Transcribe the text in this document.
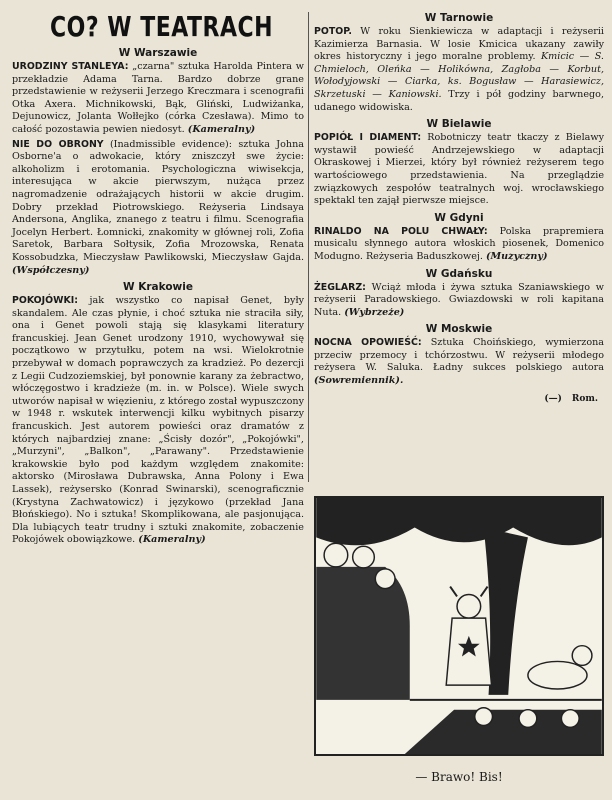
CO? W TEATRACH
W Warszawie

URODZINY STANLEYA: „czarna" sztuka Harolda Pintera w przekładzie Adama Tarna. Bardzo dobrze grane przedstawienie w reżyserii Jerzego Kreczmara i scenografii Otka Axera. Michnikowski, Bąk, Gliński, Ludwiżanka, Dejunowicz, Jolanta Wołłejko (córka Czesława). Mimo to całość pozostawia pewien niedosyt. (Kameralny)

NIE DO OBRONY (Inadmissible evidence): sztuka Johna Osborne'a o adwokacie, który zniszczył swe życie: alkoholizm i erotomania. Psychologiczna wiwisekcja, interesująca w akcie pierwszym, nużąca przez nagromadzenie odrażających historii w akcie drugim. Dobry przekład Piotrowskiego. Reżyseria Lindsaya Andersona, Anglika, znanego z teatru i filmu. Scenografia Jocelyn Herbert. Łomnicki, znakomity w głównej roli, Zofia Saretok, Barbara Sołtysik, Zofia Mrozowska, Renata Kossobudzka, Mieczysław Pawlikowski, Mieczysław Gajda. (Współczesny)

W Krakowie

POKOJÓWKI: jak wszystko co napisał Genet, były skandalem. Ale czas płynie, i choć sztuka nie straciła siły, ona i Genet powoli stają się klasykami literatury francuskiej. Jean Genet urodzony 1910, wychowywał się początkowo w przytułku, potem na wsi. Wielokrotnie przebywał w domach poprawczych za kradzież. Po dezercji z Legii Cudzoziemskiej, był ponownie karany za żebractwo, włóczęgostwo i kradzieże (m. in. w Polsce). Wiele swych utworów napisał w więzieniu, z którego został wypuszczony w 1948 r. wskutek interwencji kilku wybitnych pisarzy francuskich. Jest autorem powieści oraz dramatów z których najbardziej znane: „Ścisły dozór", „Pokojówki", „Murzyni", „Balkon", „Parawany". Przedstawienie krakowskie było pod każdym względem znakomite: aktorsko (Mirosława Dubrawska, Anna Polony i Ewa Lassek), reżysersko (Konrad Swinarski), scenograficznie (Krystyna Zachwatowicz) i językowo (przekład Jana Błońskiego). No i sztuka! Skomplikowana, ale pasjonująca. Dla lubiących teatr trudny i sztuki znakomite, zobaczenie Pokojówek obowiązkowe. (Kameralny)

W Tarnowie

POTOP. W roku Sienkiewicza w adaptacji i reżyserii Kazimierza Barnasia. W losie Kmicica ukazany zawiły okres historyczny i jego moralne problemy. Kmicic — S. Chmieloch, Oleńka — Holikówna, Zagłoba — Korbut, Wołodyjowski — Ciarka, ks. Bogusław — Harasiewicz, Skrzetuski — Kaniowski. Trzy i pół godziny barwnego, udanego widowiska.

W Bielawie

POPIÓŁ I DIAMENT: Robotniczy teatr tkaczy z Bielawy wystawił powieść Andrzejewskiego w adaptacji Okraskowej i Mierzei, który był również reżyserem tego wartościowego przedstawienia. Na przeglądzie związkowych zespołów teatralnych woj. wrocławskiego spektakl ten zajął pierwsze miejsce.

W Gdyni

RINALDO NA POLU CHWAŁY: Polska prapremiera musicalu słynnego autora włoskich piosenek, Domenico Modugno. Reżyseria Baduszkowej. (Muzyczny)

W Gdańsku

ŻEGLARZ: Wciąż młoda i żywa sztuka Szaniawskiego w reżyserii Paradowskiego. Gwiazdowski w roli kapitana Nuta. (Wybrzeże)

W Moskwie

NOCNA OPOWIEŚĆ: Sztuka Choińskiego, wymierzona przeciw przemocy i tchórzostwu. W reżyserii młodego reżysera W. Saluka. Ładny sukces polskiego autora (Sowremiennik).

(—) Rom.
♪
♫
— Brawo! Bis!
